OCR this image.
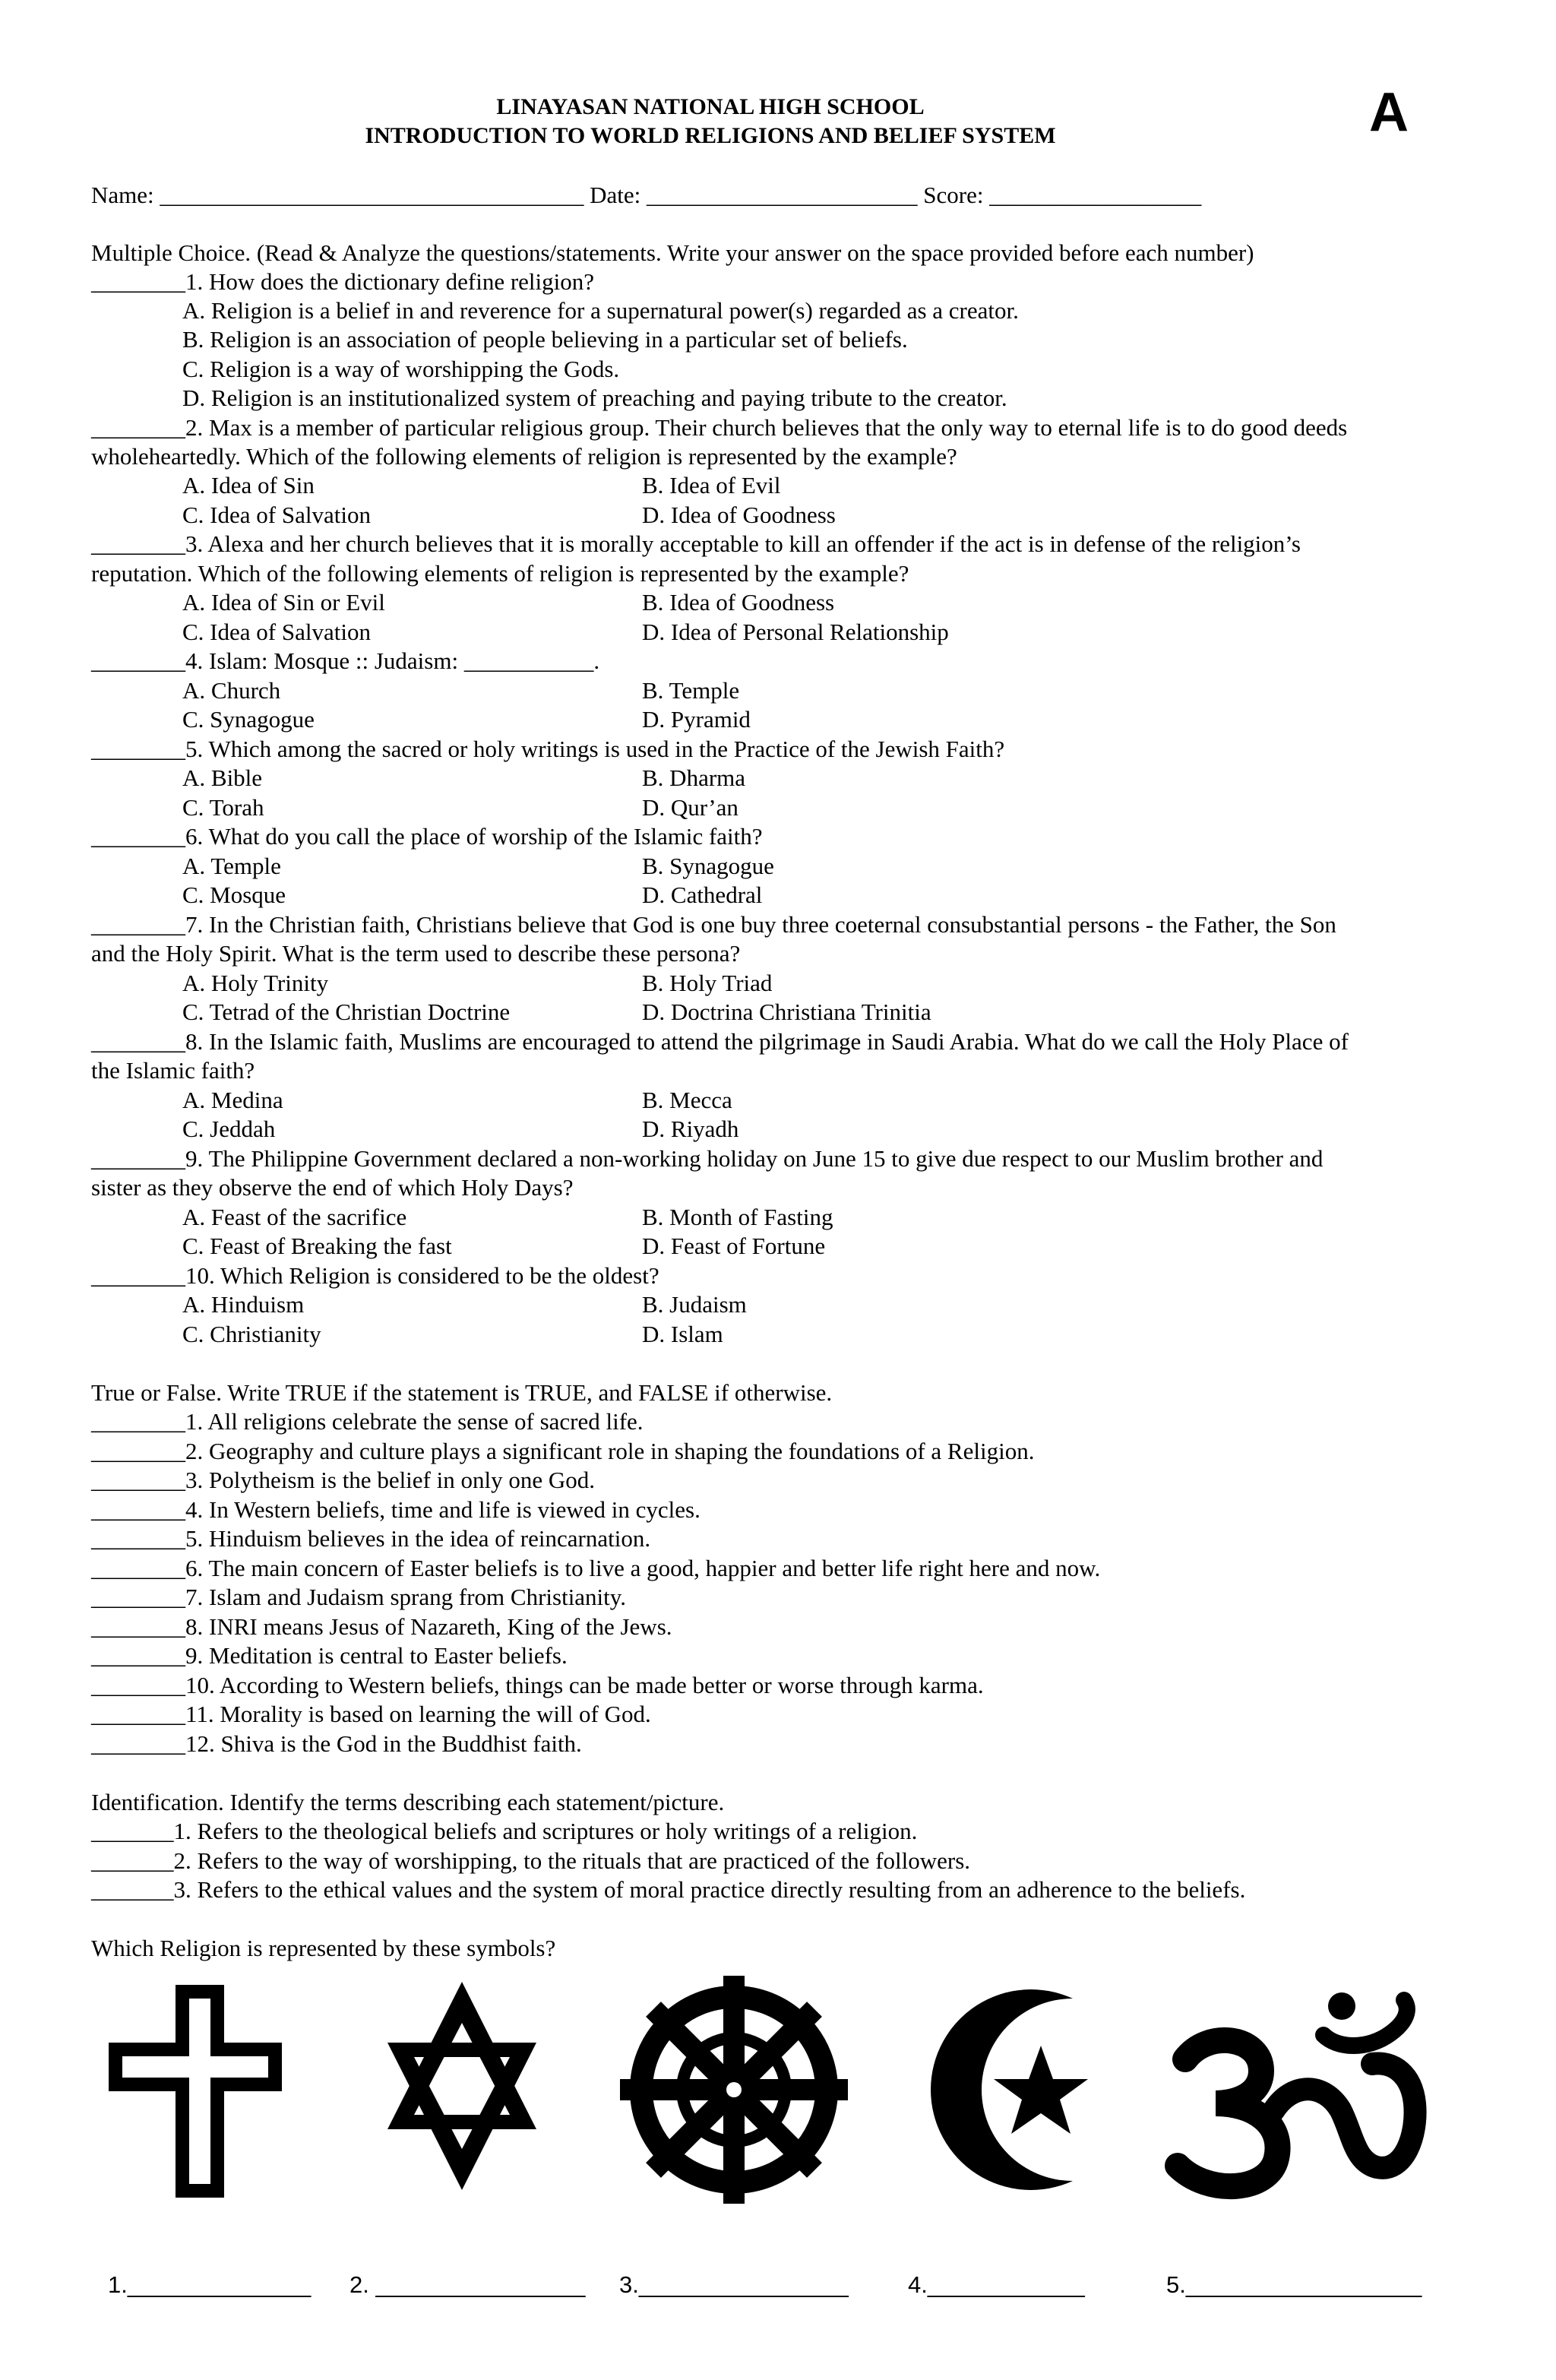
LINAYASAN NATIONAL HIGH SCHOOL
INTRODUCTION TO WORLD RELIGIONS AND BELIEF SYSTEM	A
Name: ____________________________________ Date: _______________________ Score: __________________
Multiple Choice. (Read & Analyze the questions/statements. Write your answer on the space provided before each number)
________1. How does the dictionary define religion?
A. Religion is a belief in and reverence for a supernatural power(s) regarded as a creator.
B. Religion is an association of people believing in a particular set of beliefs.
C. Religion is a way of worshipping the Gods.
D. Religion is an institutionalized system of preaching and paying tribute to the creator.
________2. Max is a member of particular religious group. Their church believes that the only way to eternal life is to do good deeds
wholeheartedly. Which of the following elements of religion is represented by the example?
A. Idea of Sin	B. Idea of Evil
C. Idea of Salvation	D. Idea of Goodness
________3. Alexa and her church believes that it is morally acceptable to kill an offender if the act is in defense of the religion’s
reputation. Which of the following elements of religion is represented by the example?
A. Idea of Sin or Evil	B. Idea of Goodness
C. Idea of Salvation	D. Idea of Personal Relationship
________4. Islam: Mosque :: Judaism: ___________.
A. Church	B. Temple
C. Synagogue	D. Pyramid
________5. Which among the sacred or holy writings is used in the Practice of the Jewish Faith?
A. Bible	B. Dharma
C. Torah	D. Qur’an
________6. What do you call the place of worship of the Islamic faith?
A. Temple	B. Synagogue
C. Mosque	D. Cathedral
________7. In the Christian faith, Christians believe that God is one buy three coeternal consubstantial persons - the Father, the Son
and the Holy Spirit. What is the term used to describe these persona?
A. Holy Trinity	B. Holy Triad
C. Tetrad of the Christian Doctrine	D. Doctrina Christiana Trinitia
________8. In the Islamic faith, Muslims are encouraged to attend the pilgrimage in Saudi Arabia. What do we call the Holy Place of
the Islamic faith?
A. Medina	B. Mecca
C. Jeddah	D. Riyadh
________9. The Philippine Government declared a non-working holiday on June 15 to give due respect to our Muslim brother and
sister as they observe the end of which Holy Days?
A. Feast of the sacrifice	B. Month of Fasting
C. Feast of Breaking the fast	D. Feast of Fortune
________10. Which Religion is considered to be the oldest?
A. Hinduism	B. Judaism
C. Christianity	D. Islam
True or False. Write TRUE if the statement is TRUE, and FALSE if otherwise.
________1. All religions celebrate the sense of sacred life.
________2. Geography and culture plays a significant role in shaping the foundations of a Religion.
________3. Polytheism is the belief in only one God.
________4. In Western beliefs, time and life is viewed in cycles.
________5. Hinduism believes in the idea of reincarnation.
________6. The main concern of Easter beliefs is to live a good, happier and better life right here and now.
________7. Islam and Judaism sprang from Christianity.
________8. INRI means Jesus of Nazareth, King of the Jews.
________9. Meditation is central to Easter beliefs.
________10. According to Western beliefs, things can be made better or worse through karma.
________11. Morality is based on learning the will of God.
________12. Shiva is the God in the Buddhist faith.
Identification. Identify the terms describing each statement/picture.
_______1. Refers to the theological beliefs and scriptures or holy writings of a religion.
_______2. Refers to the way of worshipping, to the rituals that are practiced of the followers.
_______3. Refers to the ethical values and the system of moral practice directly resulting from an adherence to the beliefs.
Which Religion is represented by these symbols?
1.______________ 2. ________________ 3.________________	4.____________	5.__________________
